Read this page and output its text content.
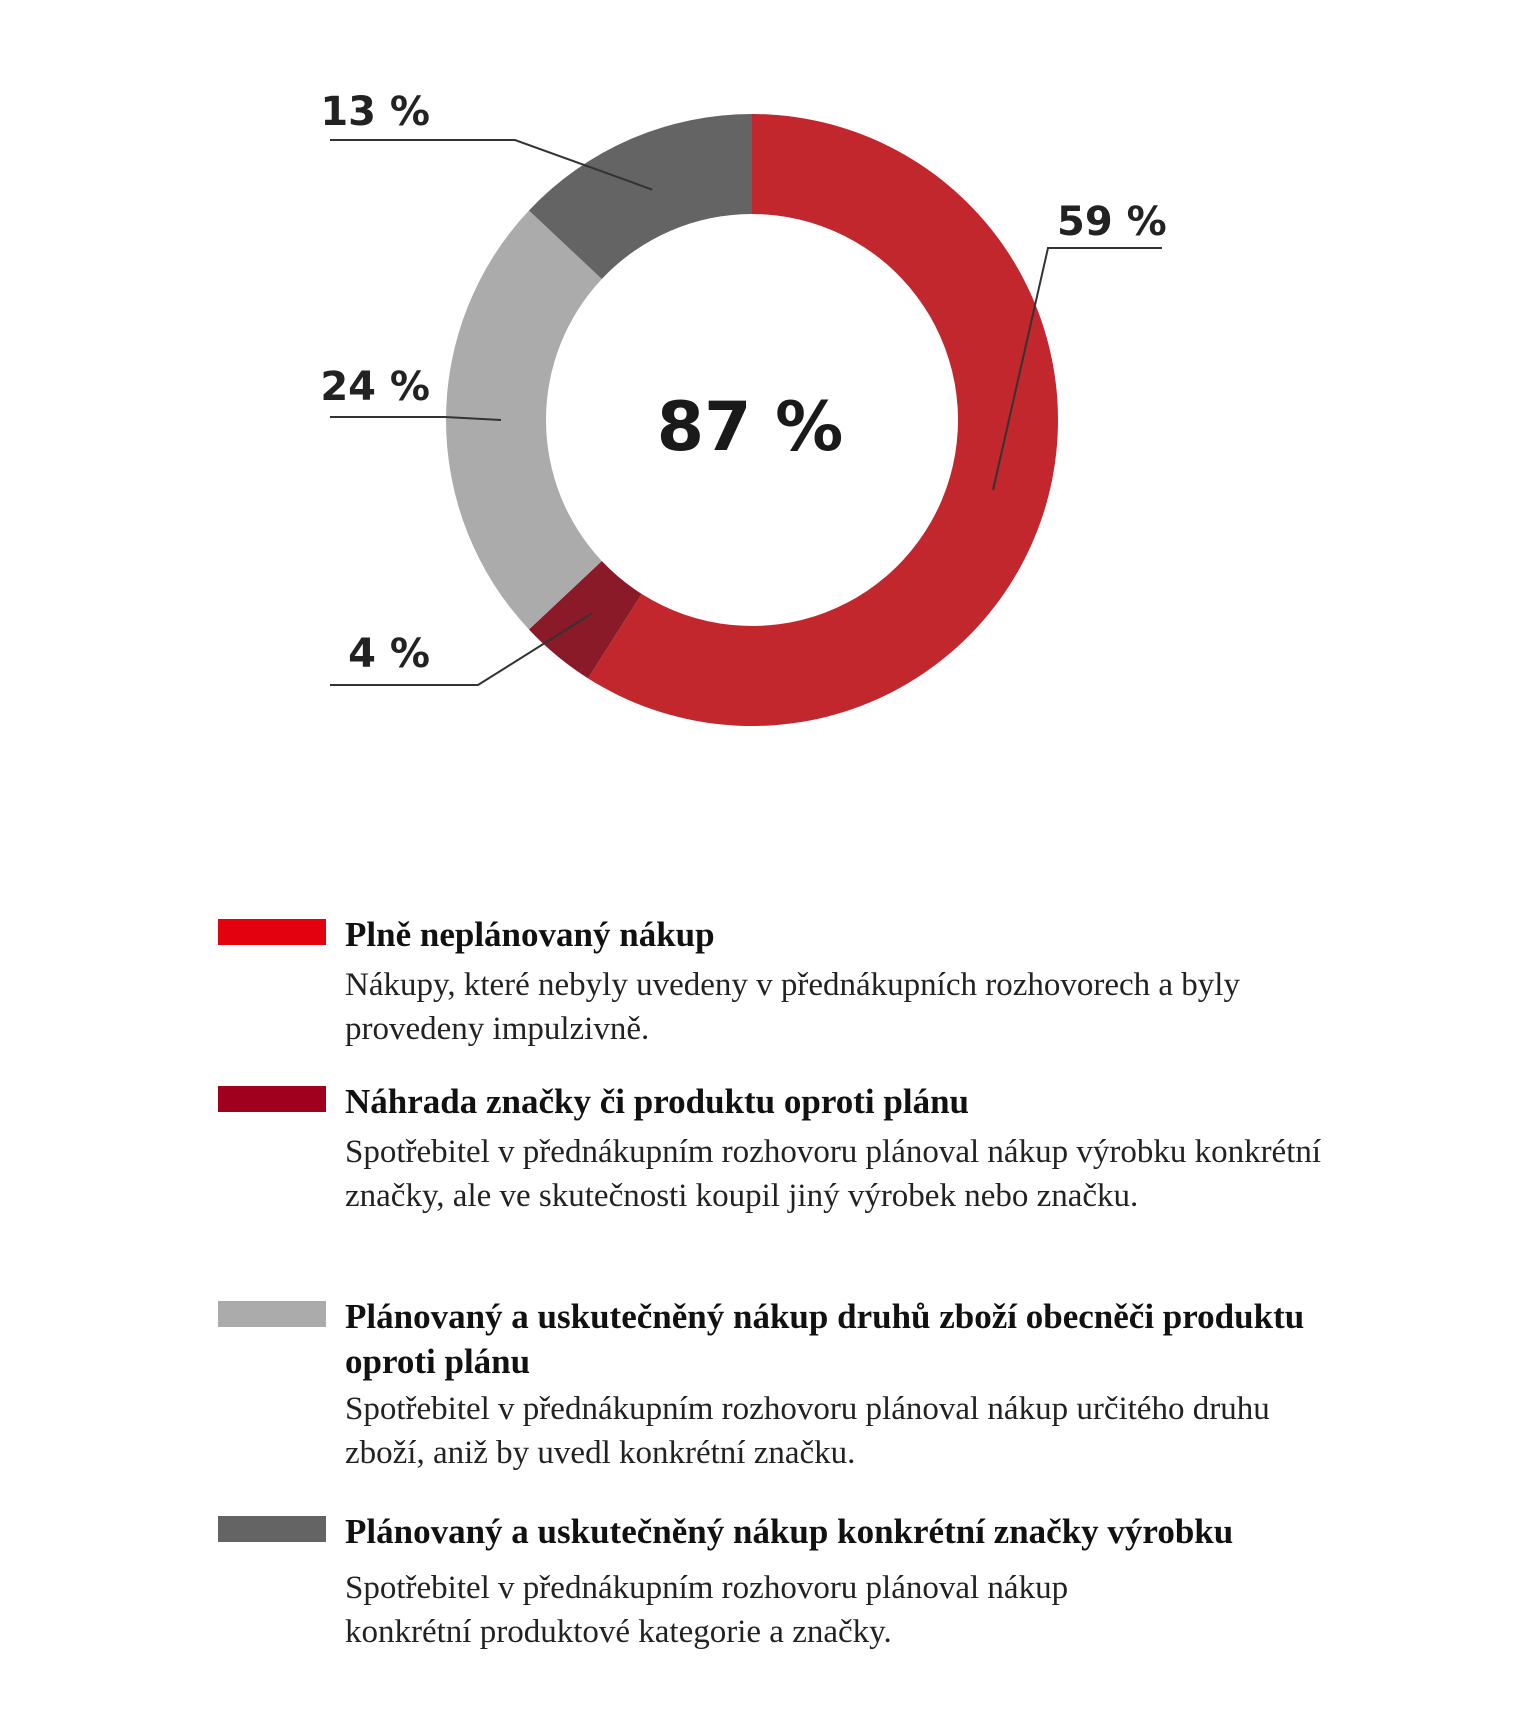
59 %
4 %
24 %
13 %
87 %

Plně neplánovaný nákup

Nákupy, které nebyly uvedeny v přednákupních rozhovorech a byly provedeny impulzivně.

Náhrada značky či produktu oproti plánu

Spotřebitel v přednákupním rozhovoru plánoval nákup výrobku konkrétní značky, ale ve skutečnosti koupil jiný výrobek nebo značku.

Plánovaný a uskutečněný nákup druhů zboží obecněči produktu oproti plánu

Spotřebitel v přednákupním rozhovoru plánoval nákup určitého druhu zboží, aniž by uvedl konkrétní značku.

Plánovaný a uskutečněný nákup konkrétní značky výrobku

Spotřebitel v přednákupním rozhovoru plánoval nákup konkrétní produktové kategorie a značky.
